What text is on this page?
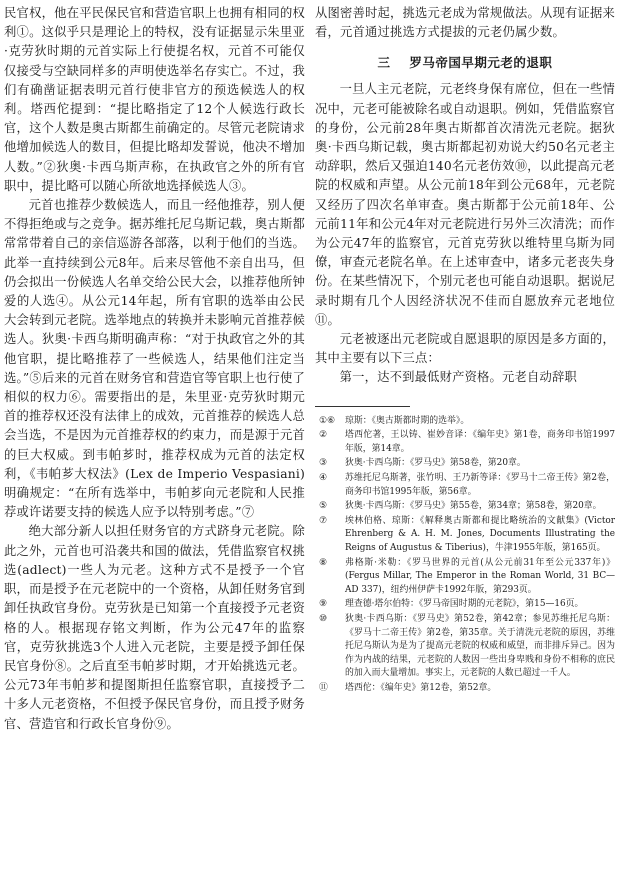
民官权，他在平民保民官和营造官职上也拥有相同的权利①。这似乎只是理论上的特权，没有证据显示朱里亚·克劳狄时期的元首实际上行使提名权，元首不可能仅仅接受与空缺同样多的声明使选举名存实亡。不过，我们有确凿证据表明元首行使非官方的预选候选人的权利。塔西佗提到：“提比略指定了12个人候选行政长官，这个人数是奥古斯都生前确定的。尽管元老院请求他增加候选人的数目，但提比略却发誓说，他决不增加人数。”②狄奥·卡西乌斯声称，在执政官之外的所有官职中，提比略可以随心所欲地选择候选人③。

元首也推荐少数候选人，而且一经他推荐，别人便不得拒绝或与之竞争。据苏维托尼乌斯记载，奥古斯都常常带着自己的亲信巡游各部落，以利于他们的当选。此举一直持续到公元8年。后来尽管他不亲自出马，但仍会拟出一份候选人名单交给公民大会，以推荐他所钟爱的人选④。从公元14年起，所有官职的选举由公民大会转到元老院。选举地点的转换并未影响元首推荐候选人。狄奥·卡西乌斯明确声称：“对于执政官之外的其他官职，提比略推荐了一些候选人，结果他们注定当选。”⑤后来的元首在财务官和营造官等官职上也行使了相似的权力⑥。需要指出的是，朱里亚·克劳狄时期元首的推荐权还没有法律上的成效，元首推荐的候选人总会当选，不是因为元首推荐权的约束力，而是源于元首的巨大权威。到韦帕芗时，推荐权成为元首的法定权利，《韦帕芗大权法》(Lex de Imperio Vespasiani)明确规定：“在所有选举中，韦帕芗向元老院和人民推荐或许诺要支持的候选人应予以特别考虑。”⑦

绝大部分新人以担任财务官的方式跻身元老院。除此之外，元首也可沿袭共和国的做法，凭借监察官权挑选(adlect)一些人为元老。这种方式不是授予一个官职，而是授予在元老院中的一个资格，从卸任财务官到卸任执政官身份。克劳狄是已知第一个直接授予元老资格的人。根据现存铭文判断，作为公元47年的监察官，克劳狄挑选3个人进入元老院，主要是授予卸任保民官身份⑧。之后直至韦帕芗时期，才开始挑选元老。公元73年韦帕芗和提图斯担任监察官职，直接授予二十多人元老资格，不但授予保民官身份，而且授予财务官、营造官和行政长官身份⑨。

从图密善时起，挑选元老成为常规做法。从现有证据来看，元首通过挑选方式提拔的元老仍属少数。

三 罗马帝国早期元老的退职

一旦人主元老院，元老终身保有席位，但在一些情况中，元老可能被除名或自动退职。例如，凭借监察官的身份，公元前28年奥古斯都首次清洗元老院。据狄奥·卡西乌斯记载，奥古斯都起初劝说大约50名元老主动辞职，然后又强迫140名元老仿效⑩，以此提高元老院的权威和声望。从公元前18年到公元68年，元老院又经历了四次名单审查。奥古斯都于公元前18年、公元前11年和公元4年对元老院进行另外三次清洗；而作为公元47年的监察官，元首克劳狄以维特里乌斯为同僚，审查元老院名单。在上述审查中，诸多元老丧失身份。在某些情况下，个别元老也可能自动退职。据说尼录时期有几个人因经济状况不佳而自愿放弃元老地位⑪。

元老被逐出元老院或自愿退职的原因是多方面的，其中主要有以下三点：

第一，达不到最低财产资格。元老自动辞职

①⑥	琼斯：《奥古斯都时期的选举》。
②	塔西佗著，王以铸、崔妙音译：《编年史》第1卷，商务印书馆1997年版，第14章。
③	狄奥·卡西乌斯：《罗马史》第58卷，第20章。
④	苏维托尼乌斯著，张竹明、王乃新等译：《罗马十二帝王传》第2卷，商务印书馆1995年版，第56章。
⑤	狄奥·卡西乌斯：《罗马史》第55卷，第34章；第58卷，第20章。
⑦	埃林伯格、琼斯：《解释奥古斯都和提比略统治的文献集》(Victor Ehrenberg & A. H. M. Jones, Documents Illustrating the Reigns of Augustus & Tiberius)，牛津1955年版，第165页。
⑧	弗格斯·米勒：《罗马世界的元首(从公元前31年至公元337年)》(Fergus Millar, The Emperor in the Roman World, 31 BC—AD 337)，纽约州伊萨卡1992年版，第293页。
⑨	理查德·塔尔伯特：《罗马帝国时期的元老院》，第15—16页。
⑩	狄奥·卡西乌斯：《罗马史》第52卷，第42章；参见苏维托尼乌斯：《罗马十二帝王传》第2卷，第35章。关于清洗元老院的原因，苏维托尼乌斯认为是为了提高元老院的权威和威望，而非排斥异己。因为作为内战的结果，元老院的人数因一些出身卑贱和身份不相称的庶民的加入而大量增加。事实上，元老院的人数已超过一千人。
⑪	塔西佗：《编年史》第12卷，第52章。
